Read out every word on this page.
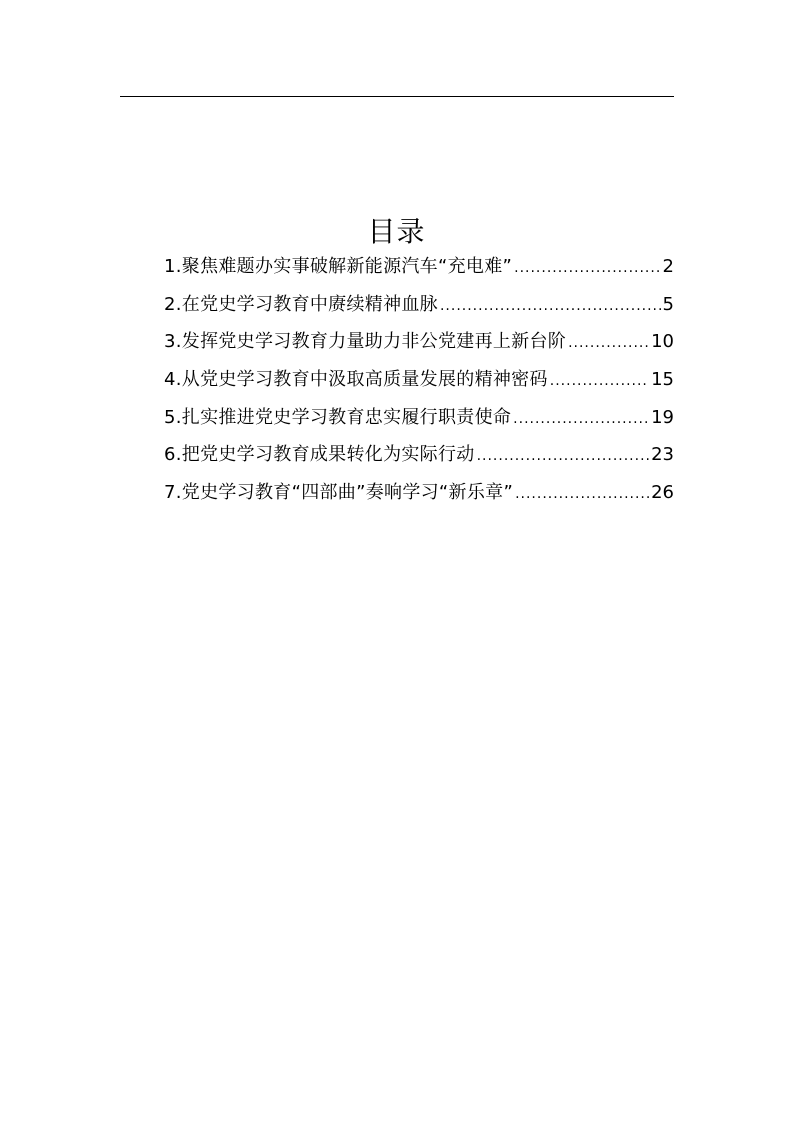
目录
1.聚焦难题办实事破解新能源汽车“充电难” .....	2
2.在党史学习教育中赓续精神血脉 .....	5
3.发挥党史学习教育力量助力非公党建再上新台阶 .....	10
4.从党史学习教育中汲取高质量发展的精神密码 .....	15
5.扎实推进党史学习教育忠实履行职责使命 .....	19
6.把党史学习教育成果转化为实际行动 .....	23
7.党史学习教育“四部曲”奏响学习“新乐章” .....	26
